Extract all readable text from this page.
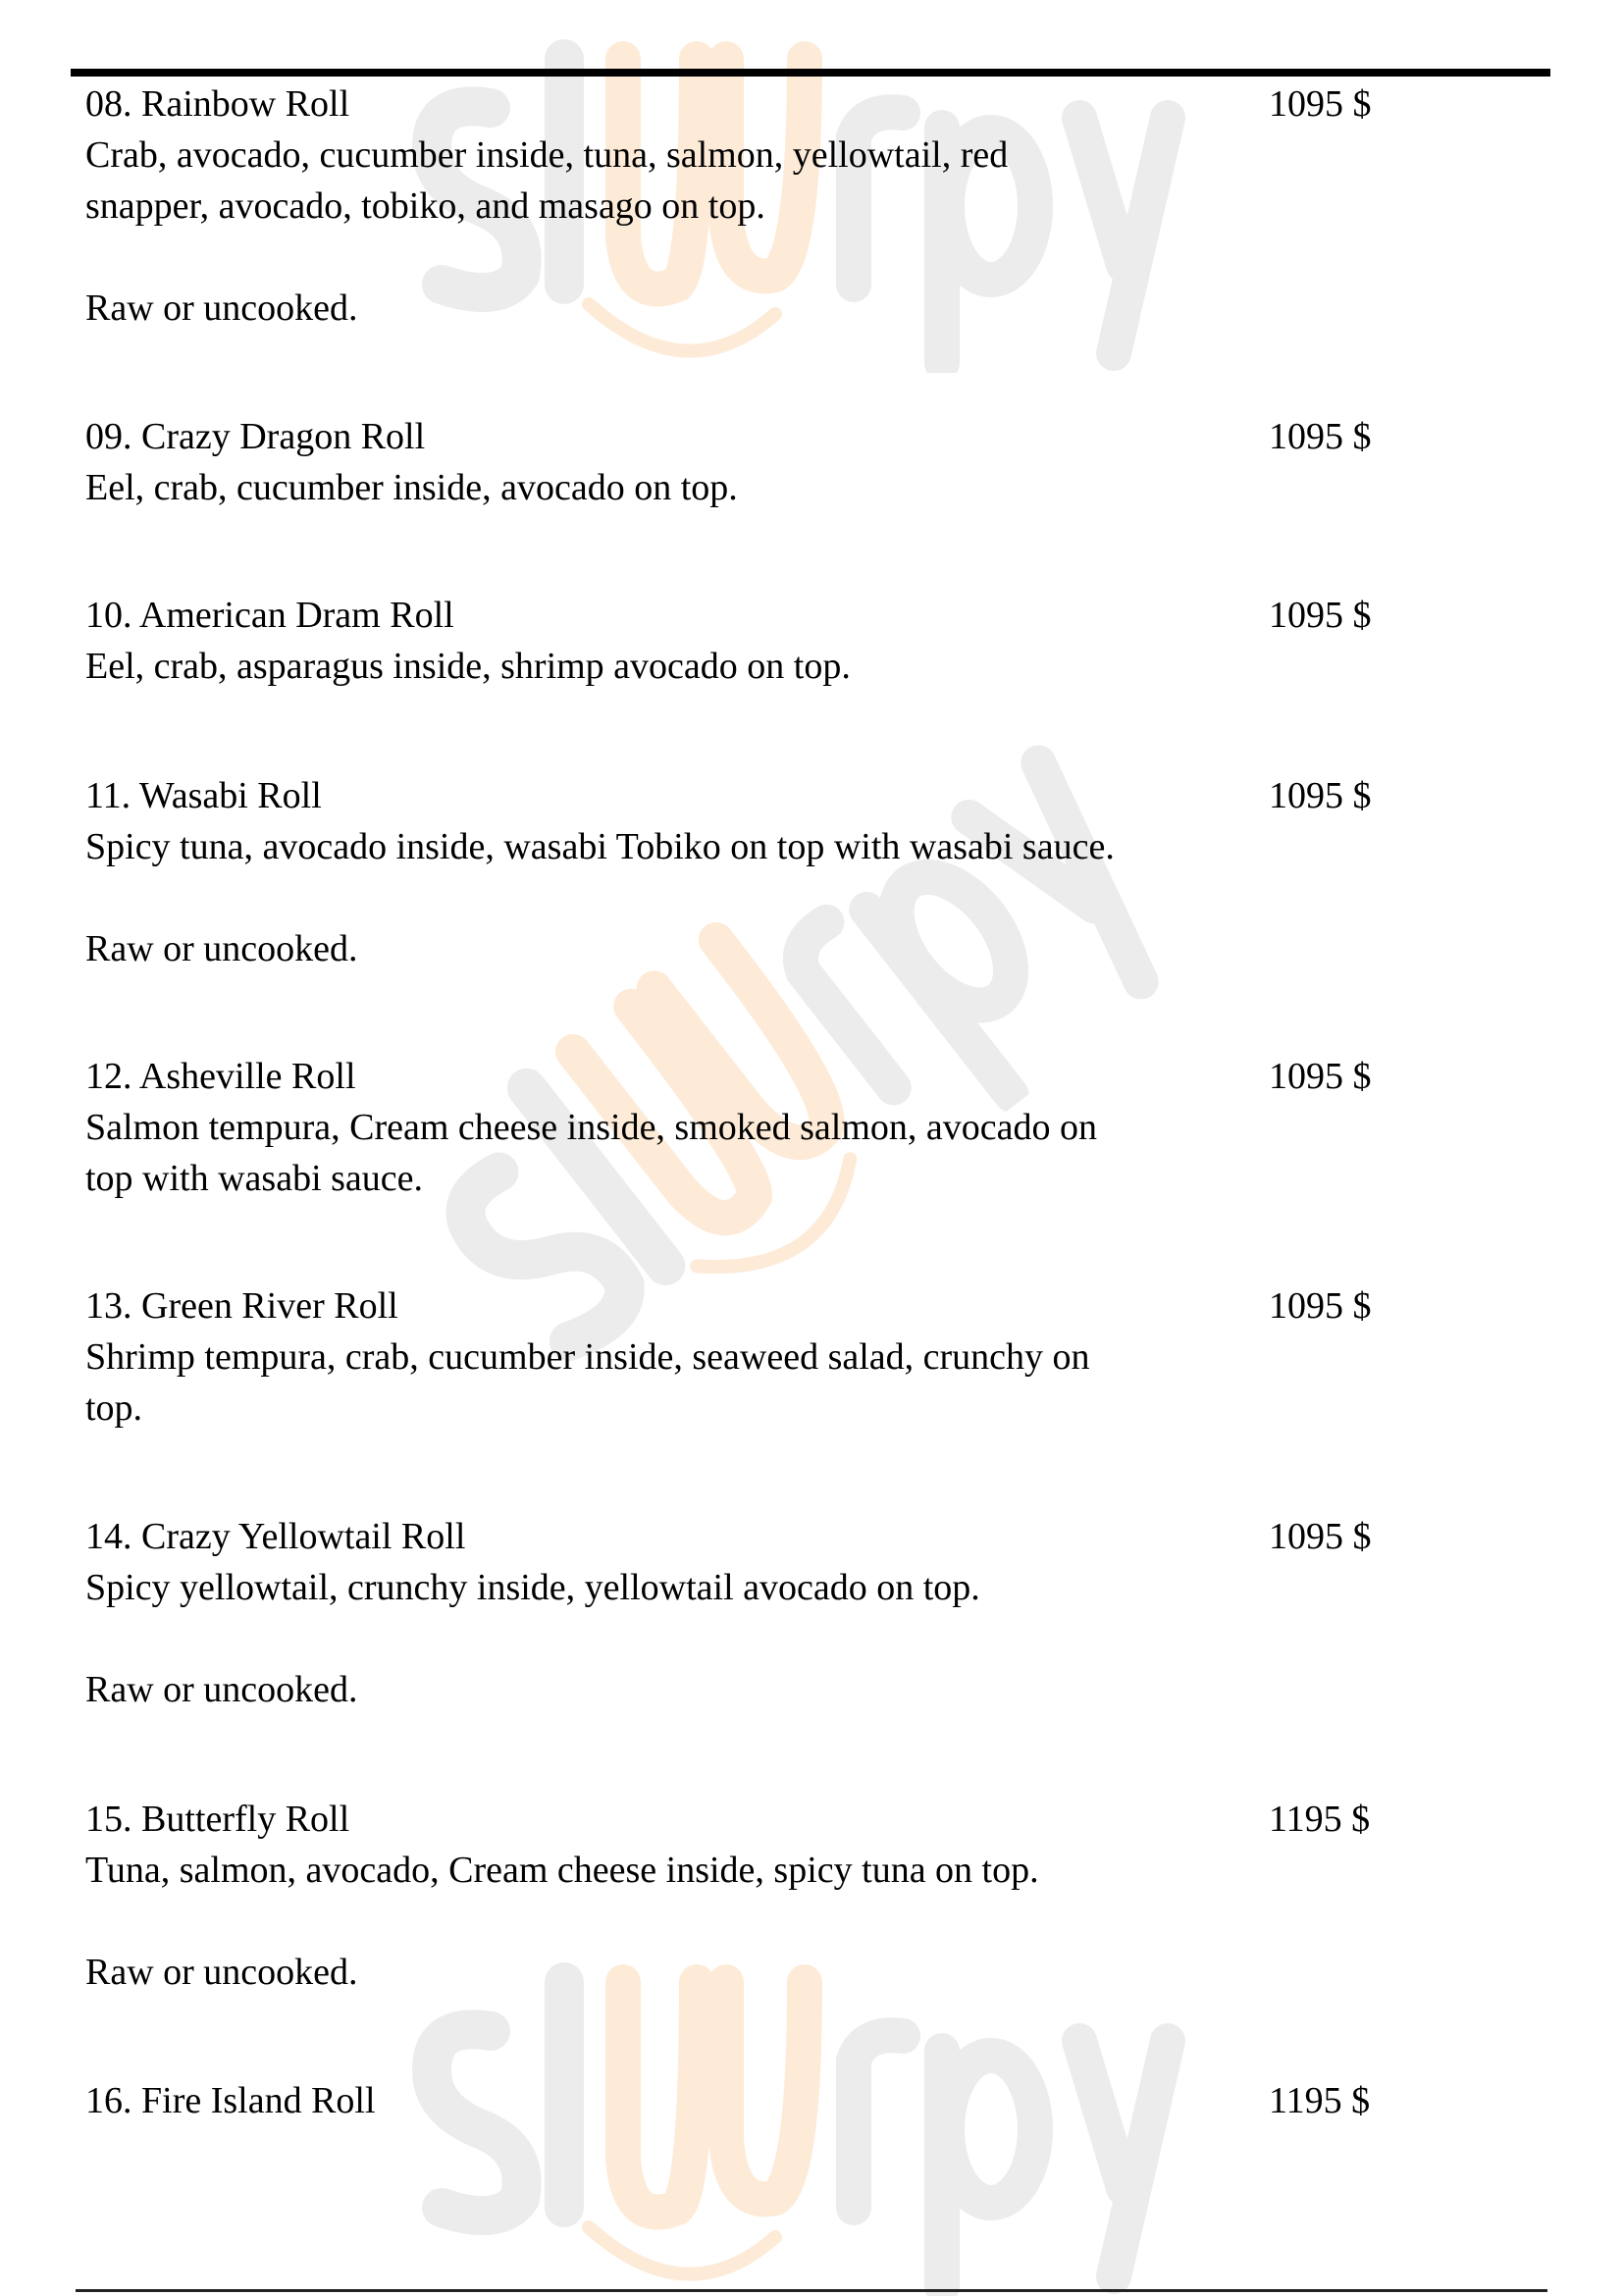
08. Rainbow Roll
Crab, avocado, cucumber inside, tuna, salmon, yellowtail, red
snapper, avocado, tobiko, and masago on top.
Raw or uncooked.
1095 $
09. Crazy Dragon Roll
Eel, crab, cucumber inside, avocado on top.
1095 $
10. American Dram Roll
Eel, crab, asparagus inside, shrimp avocado on top.
1095 $
11. Wasabi Roll
Spicy tuna, avocado inside, wasabi Tobiko on top with wasabi sauce.
Raw or uncooked.
1095 $
12. Asheville Roll
Salmon tempura, Cream cheese inside, smoked salmon, avocado on
top with wasabi sauce.
1095 $
13. Green River Roll
Shrimp tempura, crab, cucumber inside, seaweed salad, crunchy on
top.
1095 $
14. Crazy Yellowtail Roll
Spicy yellowtail, crunchy inside, yellowtail avocado on top.
Raw or uncooked.
1095 $
15. Butterfly Roll
Tuna, salmon, avocado, Cream cheese inside, spicy tuna on top.
Raw or uncooked.
1195 $
16. Fire Island Roll	1195 $
